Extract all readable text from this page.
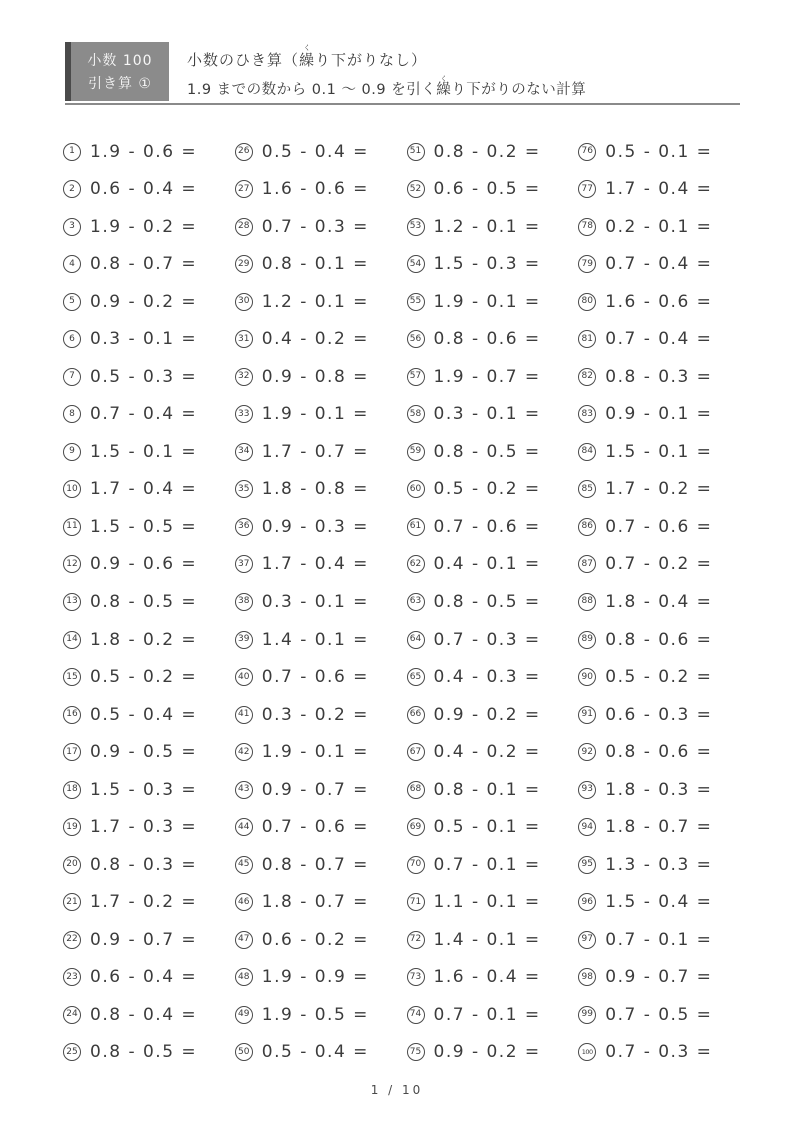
小数 100
引き算 ①
小数のひき算（繰くり下がりなし）
1.9 までの数から 0.1 〜 0.9 を引く繰くり下がりのない計算
1 1.9 - 0.6 =
2 0.6 - 0.4 =
3 1.9 - 0.2 =
4 0.8 - 0.7 =
5 0.9 - 0.2 =
6 0.3 - 0.1 =
7 0.5 - 0.3 =
8 0.7 - 0.4 =
9 1.5 - 0.1 =
10 1.7 - 0.4 =
11 1.5 - 0.5 =
12 0.9 - 0.6 =
13 0.8 - 0.5 =
14 1.8 - 0.2 =
15 0.5 - 0.2 =
16 0.5 - 0.4 =
17 0.9 - 0.5 =
18 1.5 - 0.3 =
19 1.7 - 0.3 =
20 0.8 - 0.3 =
21 1.7 - 0.2 =
22 0.9 - 0.7 =
23 0.6 - 0.4 =
24 0.8 - 0.4 =
25 0.8 - 0.5 =
26 0.5 - 0.4 =
27 1.6 - 0.6 =
28 0.7 - 0.3 =
29 0.8 - 0.1 =
30 1.2 - 0.1 =
31 0.4 - 0.2 =
32 0.9 - 0.8 =
33 1.9 - 0.1 =
34 1.7 - 0.7 =
35 1.8 - 0.8 =
36 0.9 - 0.3 =
37 1.7 - 0.4 =
38 0.3 - 0.1 =
39 1.4 - 0.1 =
40 0.7 - 0.6 =
41 0.3 - 0.2 =
42 1.9 - 0.1 =
43 0.9 - 0.7 =
44 0.7 - 0.6 =
45 0.8 - 0.7 =
46 1.8 - 0.7 =
47 0.6 - 0.2 =
48 1.9 - 0.9 =
49 1.9 - 0.5 =
50 0.5 - 0.4 =
51 0.8 - 0.2 =
52 0.6 - 0.5 =
53 1.2 - 0.1 =
54 1.5 - 0.3 =
55 1.9 - 0.1 =
56 0.8 - 0.6 =
57 1.9 - 0.7 =
58 0.3 - 0.1 =
59 0.8 - 0.5 =
60 0.5 - 0.2 =
61 0.7 - 0.6 =
62 0.4 - 0.1 =
63 0.8 - 0.5 =
64 0.7 - 0.3 =
65 0.4 - 0.3 =
66 0.9 - 0.2 =
67 0.4 - 0.2 =
68 0.8 - 0.1 =
69 0.5 - 0.1 =
70 0.7 - 0.1 =
71 1.1 - 0.1 =
72 1.4 - 0.1 =
73 1.6 - 0.4 =
74 0.7 - 0.1 =
75 0.9 - 0.2 =
76 0.5 - 0.1 =
77 1.7 - 0.4 =
78 0.2 - 0.1 =
79 0.7 - 0.4 =
80 1.6 - 0.6 =
81 0.7 - 0.4 =
82 0.8 - 0.3 =
83 0.9 - 0.1 =
84 1.5 - 0.1 =
85 1.7 - 0.2 =
86 0.7 - 0.6 =
87 0.7 - 0.2 =
88 1.8 - 0.4 =
89 0.8 - 0.6 =
90 0.5 - 0.2 =
91 0.6 - 0.3 =
92 0.8 - 0.6 =
93 1.8 - 0.3 =
94 1.8 - 0.7 =
95 1.3 - 0.3 =
96 1.5 - 0.4 =
97 0.7 - 0.1 =
98 0.9 - 0.7 =
99 0.7 - 0.5 =
100 0.7 - 0.3 =
1 / 10
